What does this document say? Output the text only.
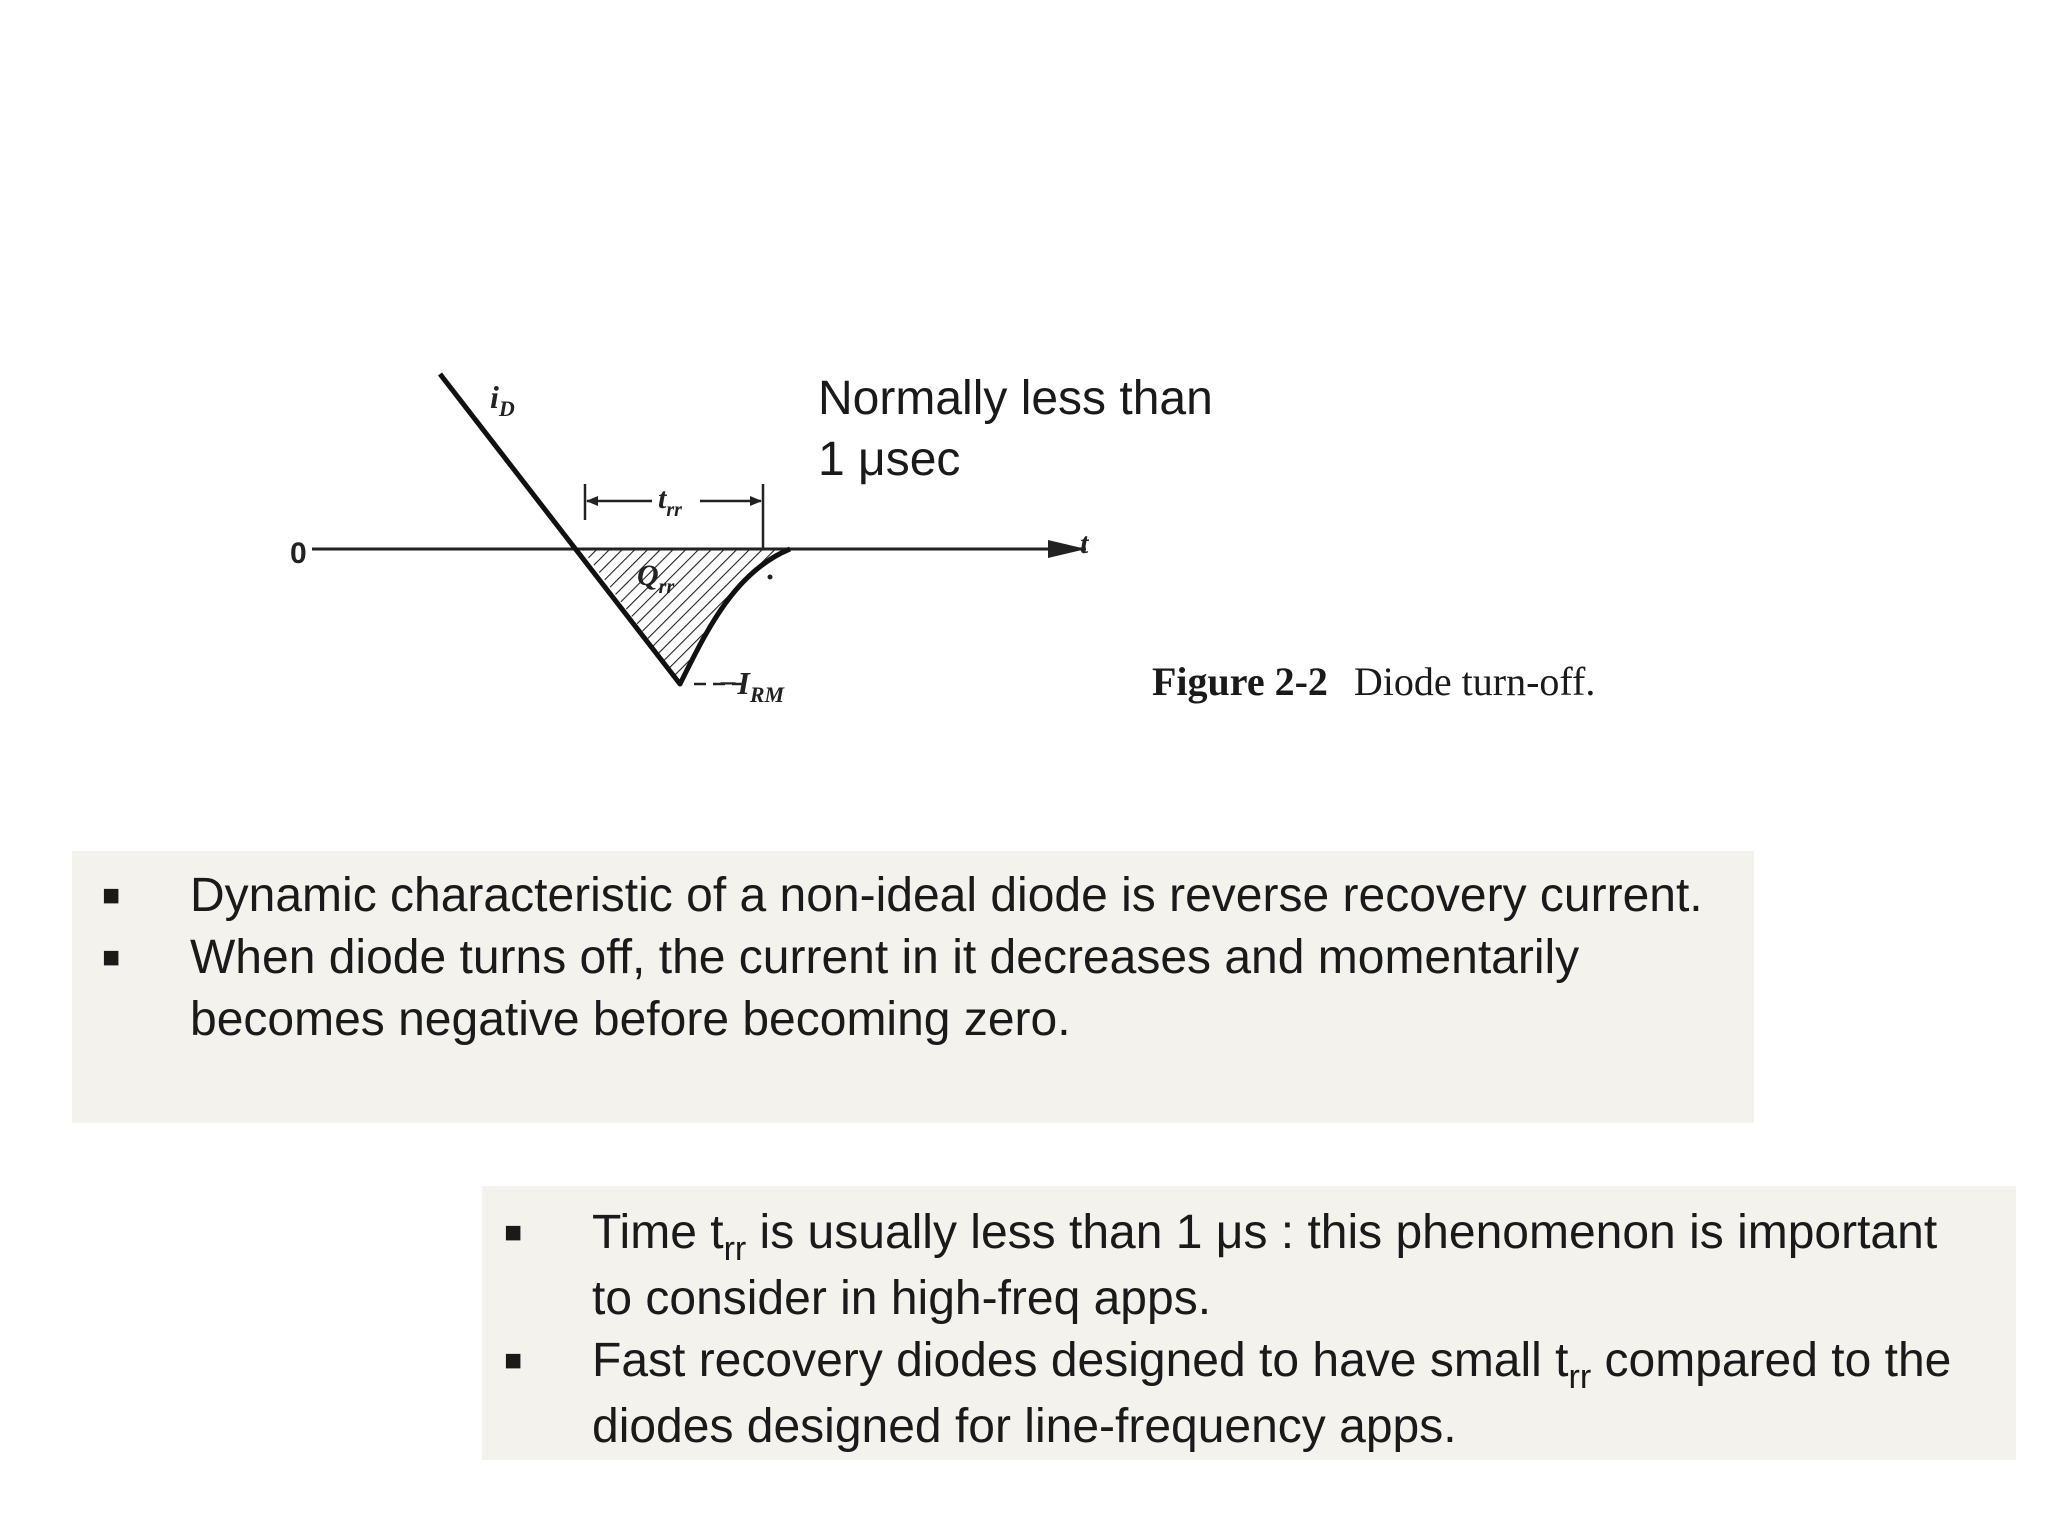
0	t
$i_D$
$t_{rr}$
$Q_{rr}$
$-I_{RM}$
Normally less than
1 μsec
Figure 2-2 Diode turn-off.
■	Dynamic characteristic of a non-ideal diode is reverse recovery current.
■	When diode turns off, the current in it decreases and momentarily becomes negative before becoming zero.
■	Time $t_{rr}$ is usually less than 1 μs : this phenomenon is important to consider in high-freq apps.
■	Fast recovery diodes designed to have small $t_{rr}$ compared to the diodes designed for line-frequency apps.
